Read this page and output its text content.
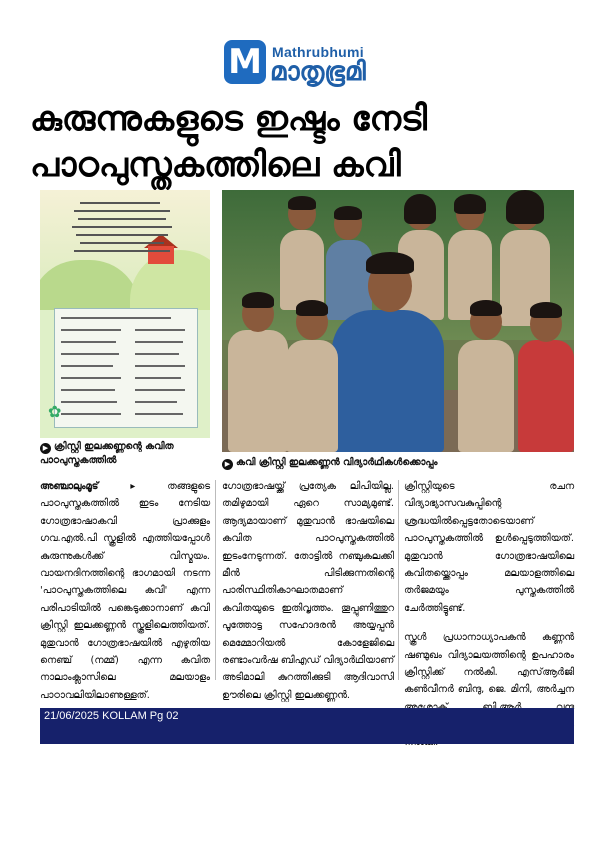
M Mathrubhumi
മാതൃഭൂമി
കുരുന്നുകളുടെ ഇഷ്ടം നേടി
പാഠപുസ്തകത്തിലെ കവി
✿
▶ ക്രിസ്റ്റി ഇലക്കണ്ണന്റെ കവിത പാഠപുസ്തകത്തിൽ	▶ കവി ക്രിസ്റ്റി ഇലക്കണ്ണൻ വിദ്യാർഥികൾക്കൊപ്പം

അഞ്ചാലുംമൂട് ▸	തങ്ങളുടെ പാഠപുസ്തകത്തിൽ ഇടം നേടിയ ഗോത്രഭാഷാകവി പ്രാക്കുളം ഗവ.എൽ.പി സ്കൂളിൽ എത്തിയപ്പോൾ കുരുന്നുകൾക്ക് വിസ്മയം. വായനദിനത്തിന്റെ ഭാഗമായി നടന്ന 'പാഠപുസ്തകത്തിലെ കവി' എന്ന പരിപാടിയിൽ പങ്കെടുക്കാനാണ് കവി ക്രിസ്റ്റി ഇലക്കണ്ണൻ സ്കൂളിലെത്തിയത്. മുതുവാൻ ഗോത്രഭാഷയിൽ എഴുതിയ നെഞ്ച് (നമ്മ്) എന്ന കവിത നാലാംക്ലാസിലെ മലയാളം പാഠാവലിയിലാണുള്ളത്.

ഗോത്രഭാഷയ്ക്ക് പ്രത്യേക ലിപിയില്ല. തമിഴുമായി ഏറെ സാമ്യമുണ്ട്. ആദ്യമായാണ് മുതുവാൻ ഭാഷയിലെ കവിത പാഠപുസ്തകത്തിൽ ഇടംനേടുന്നത്. തോട്ടിൽ നഞ്ചുകലക്കി മീൻ പിടിക്കുന്നതിന്റെ പാരിസ്ഥിതികാഘാതമാണ് കവിതയുടെ ഇതിവൃത്തം. തൂപ്പുണിത്തുറ പൂത്തോട്ട സഹോദരൻ അയ്യപ്പൻ മെമ്മോറിയൽ കോളേജിലെ രണ്ടാംവർഷ ബിഎഡ് വിദ്യാർഥിയാണ് അടിമാലി കുറത്തിക്കുടി ആദിവാസി ഊരിലെ ക്രിസ്റ്റി ഇലക്കണ്ണൻ.

ക്രിസ്റ്റിയുടെ രചന വിദ്യാഭ്യാസവകുപ്പിന്റെ ശ്രദ്ധയിൽപ്പെട്ടതോടെയാണ് പാഠപുസ്തകത്തിൽ ഉൾപ്പെടുത്തിയത്. മുതുവാൻ ഗോത്രഭാഷയിലെ കവിതയ്ക്കൊപ്പം മലയാളത്തിലെ തർജമയും പുസ്തകത്തിൽ ചേർത്തിട്ടുണ്ട്.

സ്കൂൾ പ്രധാനാധ്യാപകൻ കണ്ണൻ ഷണ്മുഖം വിദ്യാലയത്തിന്റെ ഉപഹാരം ക്രിസ്റ്റിക്ക് നൽകി. എസ്ആർജി കൺവീനർ ബിന്ദു, ജെ. മിനി, അർച്ചന

21/06/2025 KOLLAM Pg 02
